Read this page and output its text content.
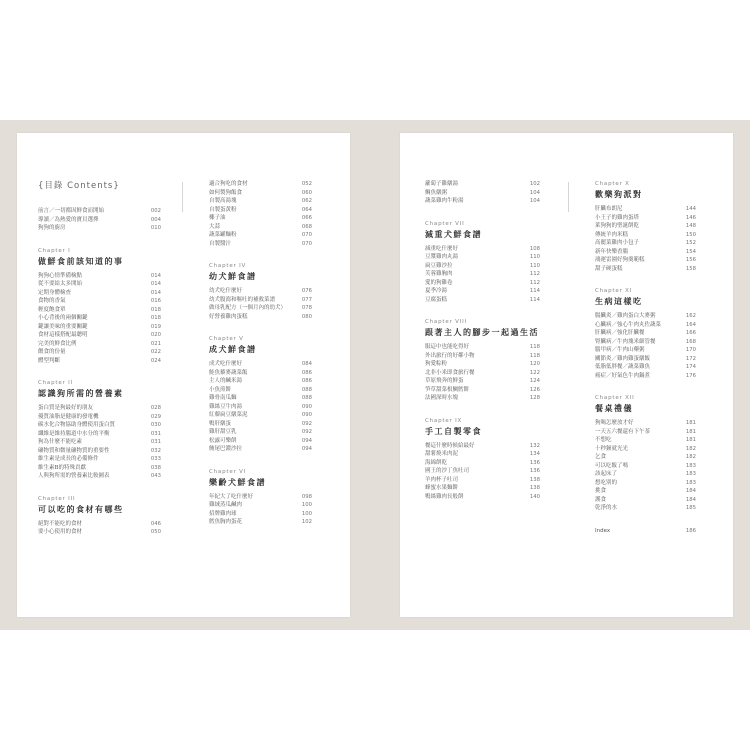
{目錄 Contents}
前言／一切都因鮮食而開始	002
導讀／為熱愛的寶貝選擇	004
狗狗的廚房	010
Chapter I
做鮮食前該知道的事
狗狗心情準備檢點	014
從不要給太多開始	014
定期身體檢查	014
食物的香氣	016
輕度飽食單	018
小心背後的兩個關鍵	018
鍵讓美味的重要關鍵	019
食材這樣搭配最聰明	020
完美的鮮食比例	021
餵食的份量	022
體型判斷	024
Chapter II
認識狗所需的營養素
蛋白質是狗最好的朋友	028
優質油脂是健康的發電機	029
碳水化合物協助身體使用蛋白質	030
纖維是維持腸道中水分的平衡	031
狗為什麼不能吃素	031
礦物質和微量礦物質的重要性	032
維生素是成長的必備條件	033
維生素B的特殊貢獻	038
人與狗所需的營養素比較圖表	043
Chapter III
可以吃的食材有哪些
絕對不能吃的食材	046
要小心使用的食材	050
適合狗吃的食材	052
如何製狗飯食	060
自製高湯塊	062
自製蛋黃粉	064
椰子油	066
大蒜	068
蔬菜罐麵粉	070
自製醬汁	070
Chapter IV
幼犬鮮食譜
幼犬吃什麼好	076
幼犬腹瀉和嘔吐的補救菜譜	077
做母乳配方（一個月內的幼犬）	078
好營養雞肉蛋糕	080
Chapter V
成犬鮮食譜
成犬吃什麼好	084
鮭魚藜麥蔬菜飯	086
主人的鹹米湯	086
小魚煎餅	088
雞骨南瓜麵	088
雞絲豆牛肉湯	090
紅藜扁豆燉菜泥	090
鴨肝燉蛋	092
雞肝甜豆乳	092
松露可樂餅	094
鮪尾巴濃沙拉	094
Chapter VI
樂齡犬鮮食譜
年紀大了吃什麼好	098
雞絨蒸瓜鹹肉	100
招牌雞肉球	100
鱈魚胸肉蛋花	102
蘿蔔子雞燉湯	102
鯛魚燉粥	104
蔬菜雞肉牛粉湯	104
Chapter VII
減重犬鮮食譜
減重吃什麼好	108
豆漿雞肉丸湯	110
扁豆雞沙拉	110
芙蓉雞胸肉	112
愛的狗雞卷	112
夏季冷湯	114
豆腐蛋糕	114
Chapter VIII
跟著主人的腳步一起過生活
服這中也能吃得好	118
外出旅行的好鄰小物	118
狗愛粽粉	120
北非小米即食旅行餐	122
草原飛奔的鮮蛋	124
笋草甜菜根鯛鱈餅	126
法國深時水塊	128
Chapter IX
手工自製零食
餐這什麼時候給最好	132
甜薯燒米肉泥	134
海綿餅乾	136
國王的沙丁魚吐司	136
羊肉杯子吐司	138
蜂蜜水果麵餅	138
鴨絲雞肉長般餅	140
Chapter X
歡樂狗派對
肝臟布朗尼	144
小王子的雞肉蛋塔	146
萊狗狗的聖誕餅乾	148
傳統羊肉米糕	150
高麗菜雞肉小包子	152
新年快樂香腸	154
鴻運雷園好狗羹範糕	156
甜子硬蛋糕	158
Chapter XI
生病這樣吃
腸臟炎／雞肉蛋白大麥粥	162
心臟病／強心牛肉丸佐蔬菜	164
肝臟病／強化肝臟餐	166
腎臟病／牛肉塊米細管餐	168
腦甲病／牛肉山藥粥	170
關節炎／雞肉雞蛋燉飯	172
低脂低胖餐／蔬菜雞魚	174
癌症／好氣色牛肉鍋煮	176
Chapter XII
餐桌禮儀
狗喝怎麼放才好	181
一天五六餐還有下午茶	181
不想吃	181
十秒鐘就光光	182
乞食	182
可以吃飯了嗎	183
該起床了	183
想吃別的	183
挑食	184
護食	184
乾淨的水	185
Index	186
